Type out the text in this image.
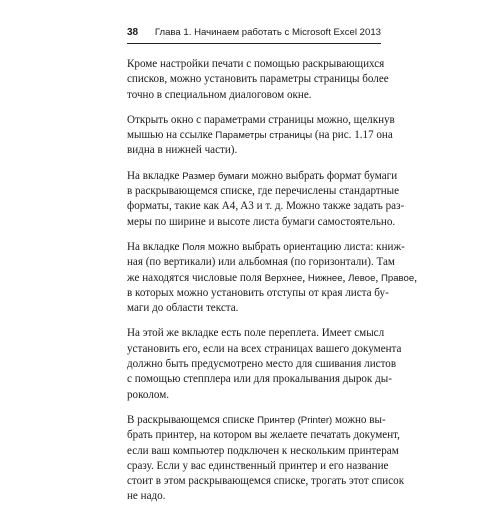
38 Глава 1. Начинаем работать с Microsoft Excel 2013

Кроме настройки печати с помощью раскрывающихся
списков, можно установить параметры страницы более
точно в специальном диалоговом окне.

Открыть окно с параметрами страницы можно, щелкнув
мышью на ссылке Параметры страницы (на рис. 1.17 она
видна в нижней части).

На вкладке Размер бумаги можно выбрать формат бумаги
в раскрывающемся списке, где перечислены стандартные
форматы, такие как A4, A3 и т. д. Можно также задать раз-
меры по ширине и высоте листа бумаги самостоятельно.

На вкладке Поля можно выбрать ориентацию листа: книж-
ная (по вертикали) или альбомная (по горизонтали). Там
же находятся числовые поля Верхнее, Нижнее, Левое, Правое,
в которых можно установить отступы от края листа бу-
маги до области текста.

На этой же вкладке есть поле переплета. Имеет смысл
установить его, если на всех страницах вашего документа
должно быть предусмотрено место для сшивания листов
с помощью степплера или для прокалывания дырок ды-
роколом.

В раскрывающемся списке Принтер (Printer) можно вы-
брать принтер, на котором вы желаете печатать документ,
если ваш компьютер подключен к нескольким принтерам
сразу. Если у вас единственный принтер и его название
стоит в этом раскрывающемся списке, трогать этот список
не надо.
